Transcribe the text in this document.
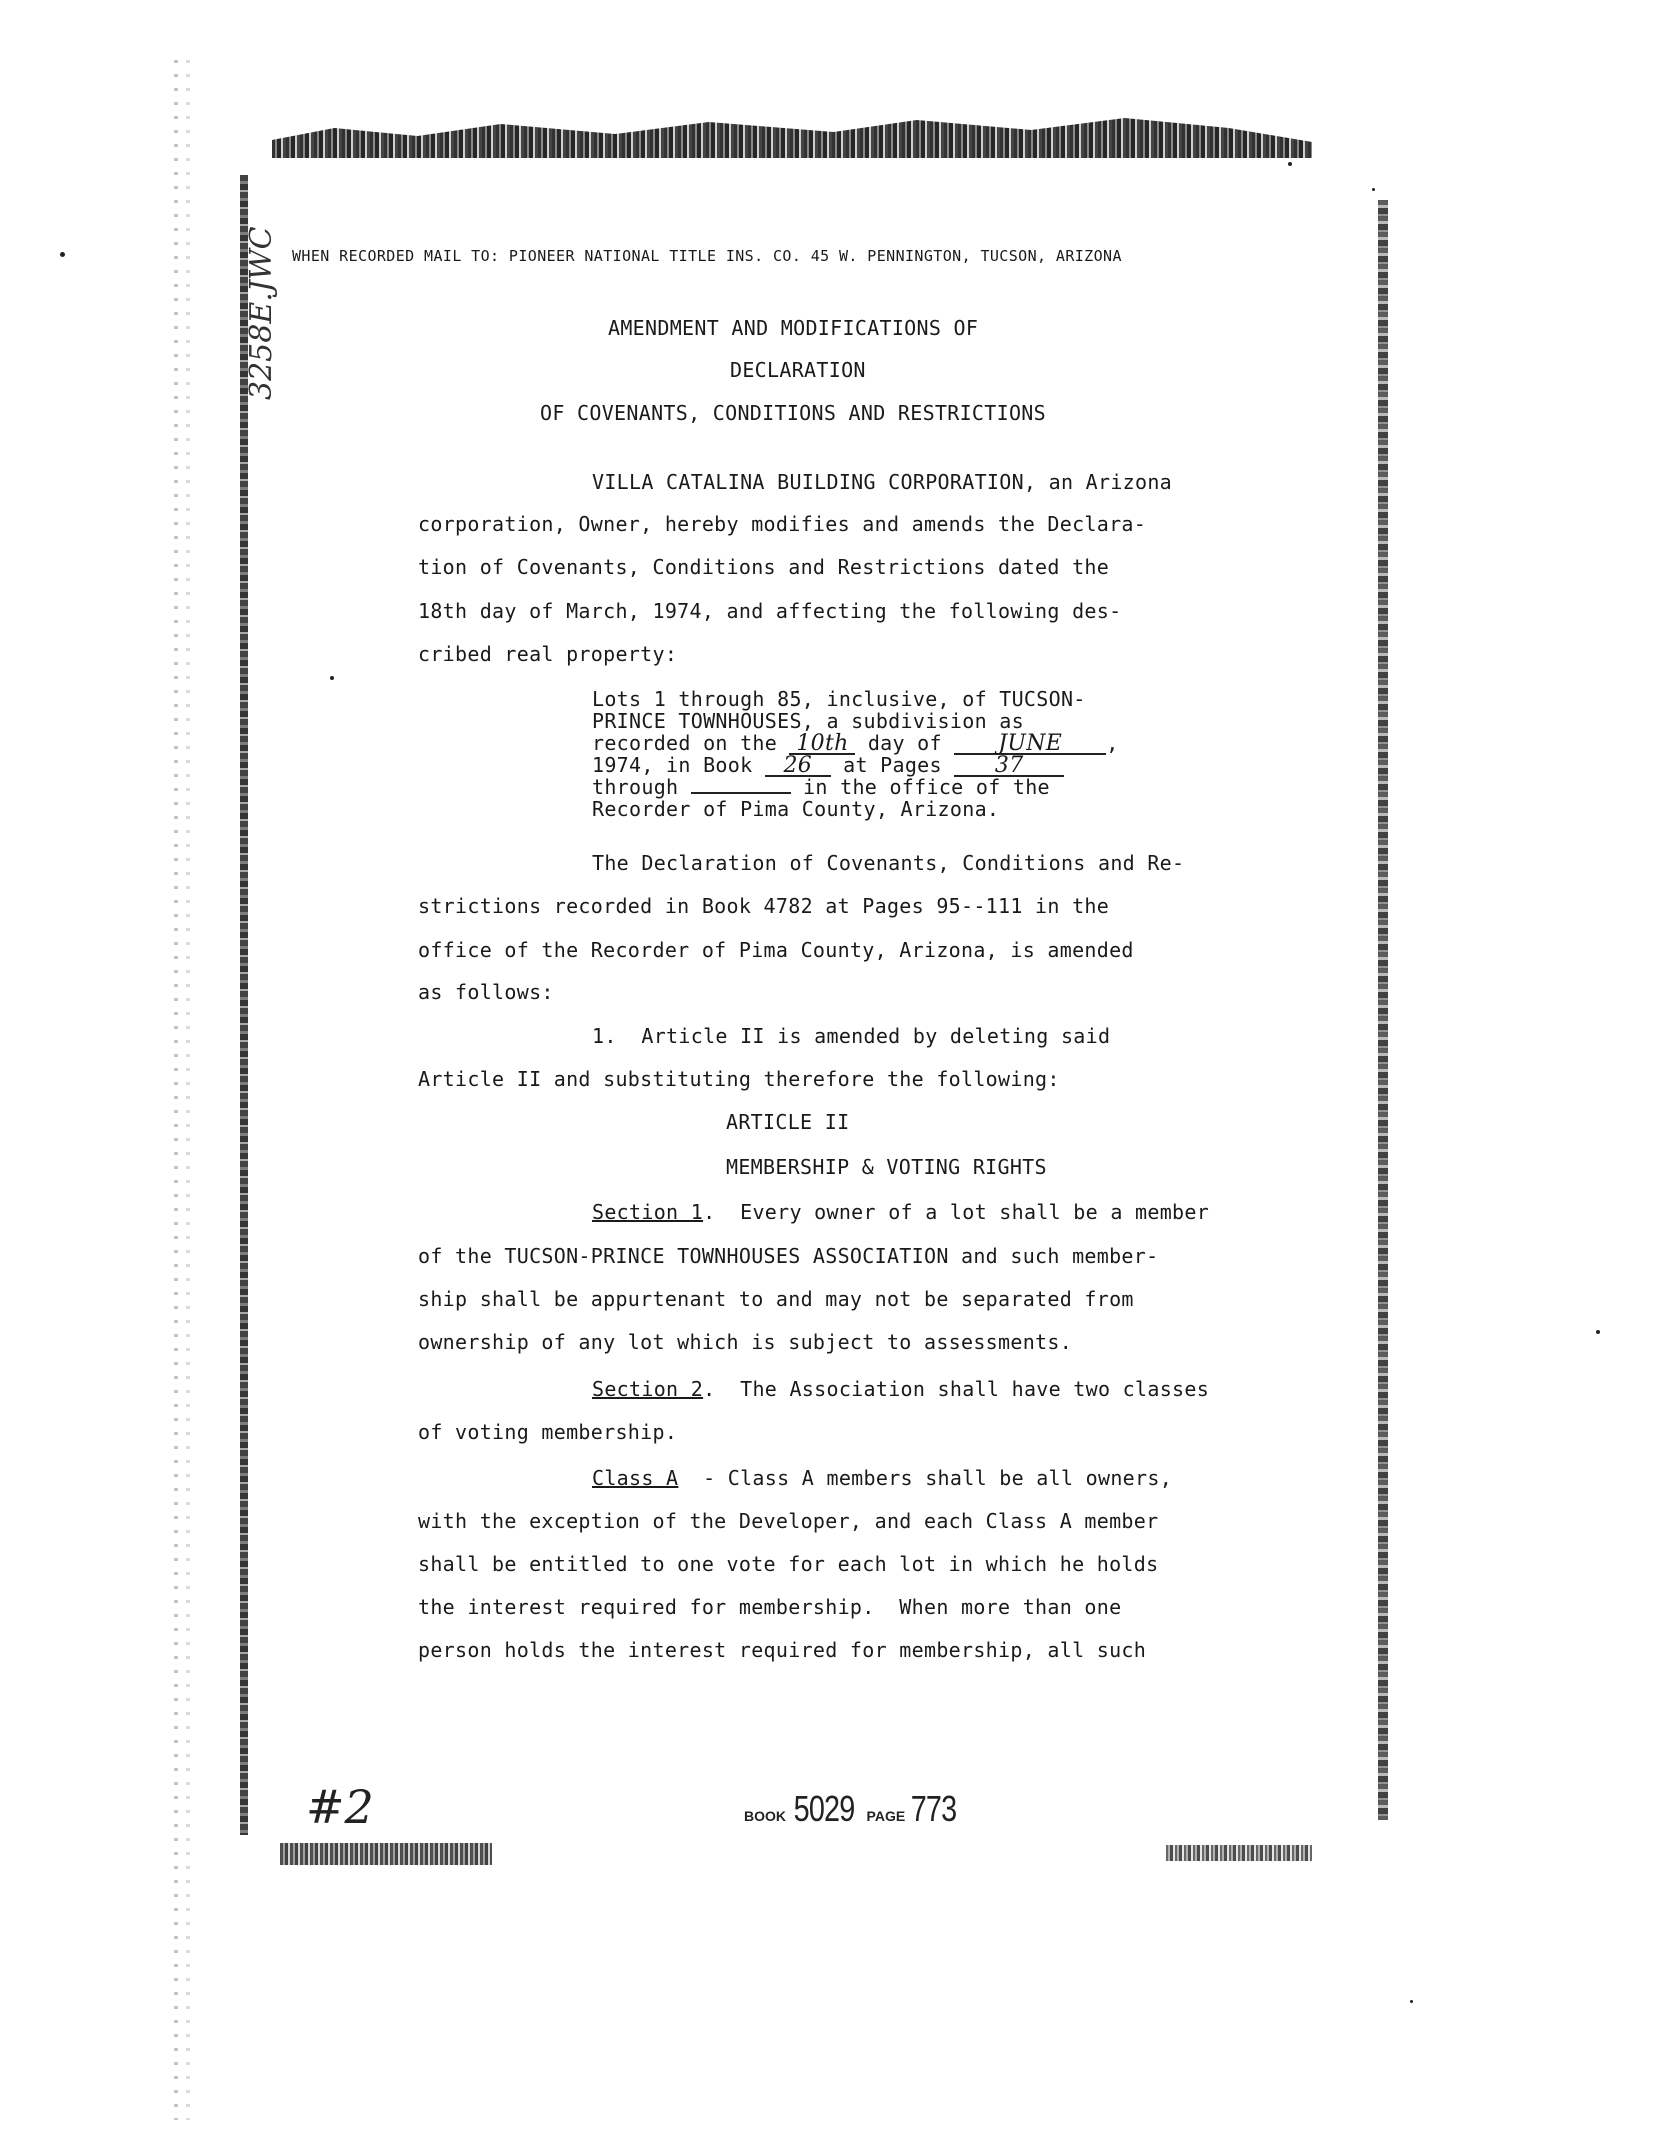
3258E.JWC WHEN RECORDED MAIL TO: PIONEER NATIONAL TITLE INS. CO. 45 W. PENNINGTON, TUCSON, ARIZONA
AMENDMENT AND MODIFICATIONS OF
DECLARATION
OF COVENANTS, CONDITIONS AND RESTRICTIONS
VILLA CATALINA BUILDING CORPORATION, an Arizona
corporation, Owner, hereby modifies and amends the Declara-
tion of Covenants, Conditions and Restrictions dated the
18th day of March, 1974, and affecting the following des-
cribed real property:
Lots 1 through 85, inclusive, of TUCSON-
PRINCE TOWNHOUSES, a subdivision as
recorded on the 10th day of	JUNE ,
1974, in Book 26 at Pages 37
through	in the office of the
Recorder of Pima County, Arizona.
The Declaration of Covenants, Conditions and Re-
strictions recorded in Book 4782 at Pages 95--111 in the
office of the Recorder of Pima County, Arizona, is amended
as follows:
1.  Article II is amended by deleting said
Article II and substituting therefore the following:
ARTICLE II
MEMBERSHIP & VOTING RIGHTS
Section 1.  Every owner of a lot shall be a member
of the TUCSON-PRINCE TOWNHOUSES ASSOCIATION and such member-
ship shall be appurtenant to and may not be separated from
ownership of any lot which is subject to assessments.
Section 2.  The Association shall have two classes
of voting membership.
Class A  - Class A members shall be all owners,
with the exception of the Developer, and each Class A member
shall be entitled to one vote for each lot in which he holds
the interest required for membership.  When more than one
person holds the interest required for membership, all such
#2	BOOK 5029 PAGE 773
